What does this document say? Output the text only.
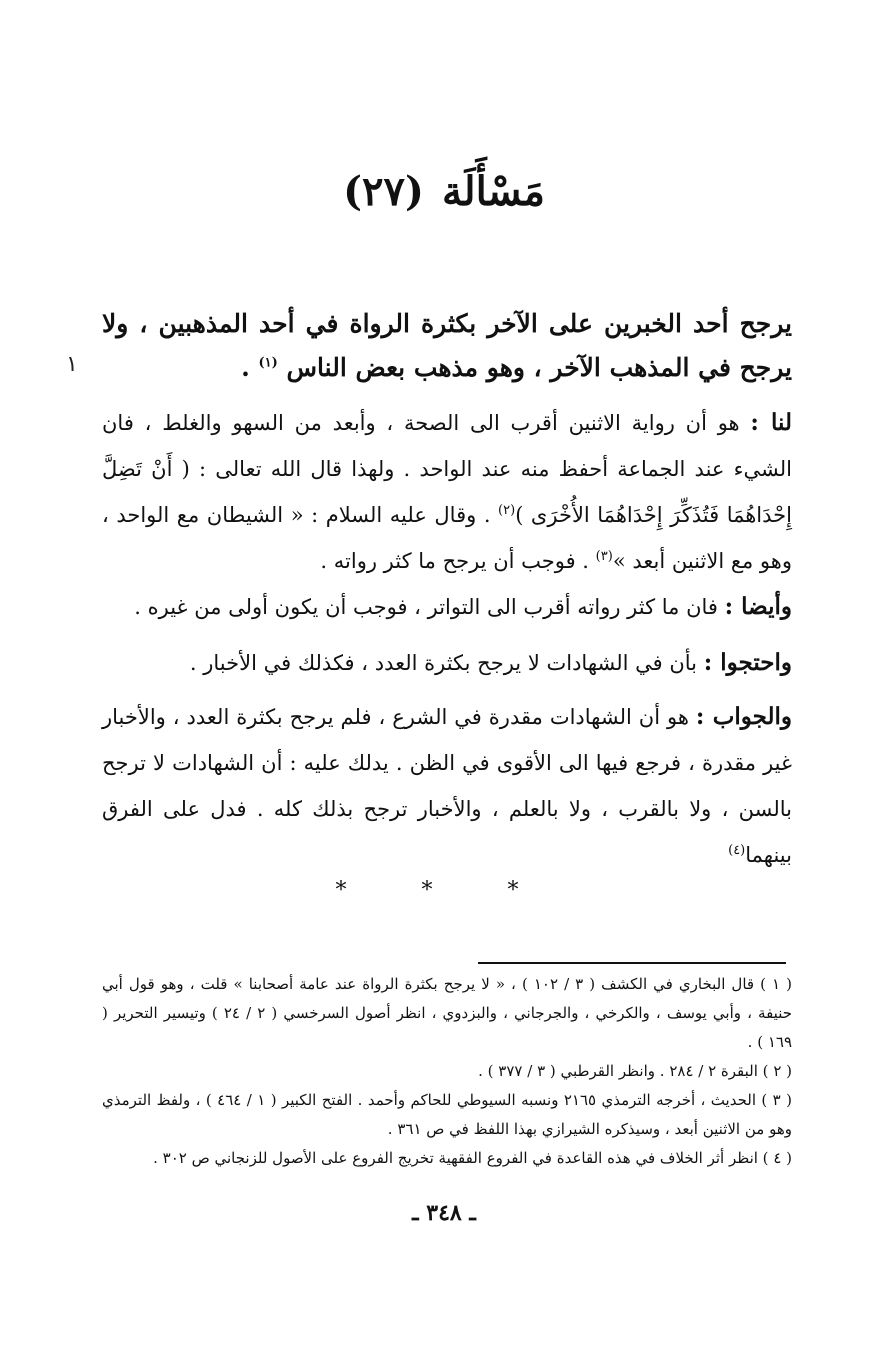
مَسْأَلَة(٢٧)
١
يرجح أحد الخبرين على الآخر بكثرة الرواة في أحد المذهبين ، ولا يرجح في المذهب الآخر ، وهو مذهب بعض الناس $^{(١)}$ .
لنا : هو أن رواية الاثنين أقرب الى الصحة ، وأبعد من السهو والغلط ، فان الشيء عند الجماعة أحفظ منه عند الواحد . ولهذا قال الله تعالى : ( أَنْ تَضِلَّ إِحْدَاهُمَا فَتُذَكِّرَ إِحْدَاهُمَا الأُخْرَى )$^{(٢)}$ . وقال عليه السلام : « الشيطان مع الواحد ، وهو مع الاثنين أبعد »$^{(٣)}$ . فوجب أن يرجح ما كثر رواته .
وأيضا : فان ما كثر رواته أقرب الى التواتر ، فوجب أن يكون أولى من غيره .
واحتجوا : بأن في الشهادات لا يرجح بكثرة العدد ، فكذلك في الأخبار .
والجواب : هو أن الشهادات مقدرة في الشرع ، فلم يرجح بكثرة العدد ، والأخبار غير مقدرة ، فرجع فيها الى الأقوى في الظن . يدلك عليه : أن الشهادات لا ترجح بالسن ، ولا بالقرب ، ولا بالعلم ، والأخبار ترجح بذلك كله . فدل على الفرق بينهما$^{(٤)}$
* * *

( ١ ) قال البخاري في الكشف ( ٣ / ١٠٢ ) ، « لا يرجح بكثرة الرواة عند عامة أصحابنا » قلت ، وهو قول أبي حنيفة ، وأبي يوسف ، والكرخي ، والجرجاني ، والبزدوي ، انظر أصول السرخسي ( ٢ / ٢٤ ) وتيسير التحرير ( ١٦٩ ) .

( ٢ ) البقرة ٢ / ٢٨٤ . وانظر القرطبي ( ٣ / ٣٧٧ ) .

( ٣ ) الحديث ، أخرجه الترمذي ٢١٦٥ ونسبه السيوطي للحاكم وأحمد . الفتح الكبير ( ١ / ٤٦٤ ) ، ولفظ الترمذي وهو من الاثنين أبعد ، وسيذكره الشيرازي بهذا اللفظ في ص ٣٦١ .

( ٤ ) انظر أثر الخلاف في هذه القاعدة في الفروع الفقهية تخريج الفروع على الأصول للزنجاني ص ٣٠٢ .

ـ ٣٤٨ ـ
